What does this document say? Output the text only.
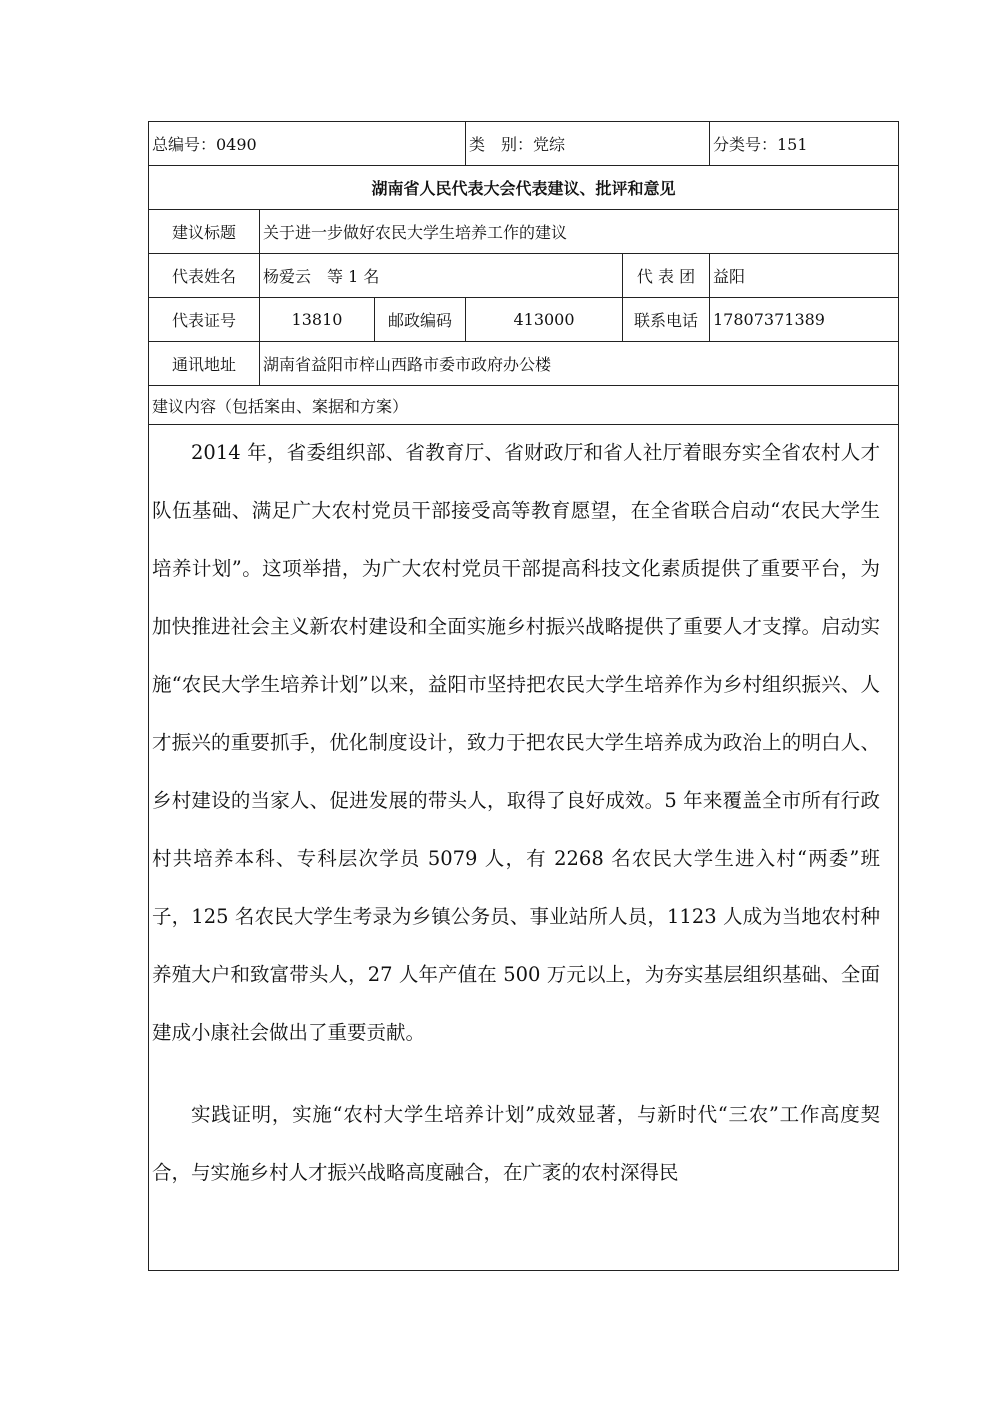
总编号：0490	类　别：党综	分类号：151
湖南省人民代表大会代表建议、批评和意见
建议标题	关于进一步做好农民大学生培养工作的建议
代表姓名	杨爱云　等 1 名	代 表 团	益阳
代表证号	13810	邮政编码	413000	联系电话 17807371389
通讯地址	湖南省益阳市梓山西路市委市政府办公楼
建议内容（包括案由、案据和方案）

2014 年，省委组织部、省教育厅、省财政厅和省人社厅着眼夯实全省农村人才队伍基础、满足广大农村党员干部接受高等教育愿望，在全省联合启动“农民大学生培养计划”。这项举措，为广大农村党员干部提高科技文化素质提供了重要平台，为加快推进社会主义新农村建设和全面实施乡村振兴战略提供了重要人才支撑。启动实施“农民大学生培养计划”以来，益阳市坚持把农民大学生培养作为乡村组织振兴、人才振兴的重要抓手，优化制度设计，致力于把农民大学生培养成为政治上的明白人、乡村建设的当家人、促进发展的带头人，取得了良好成效。5 年来覆盖全市所有行政村共培养本科、专科层次学员 5079 人，有 2268 名农民大学生进入村“两委”班子，125 名农民大学生考录为乡镇公务员、事业站所人员，1123 人成为当地农村种养殖大户和致富带头人，27 人年产值在 500 万元以上，为夯实基层组织基础、全面建成小康社会做出了重要贡献。

实践证明，实施“农村大学生培养计划”成效显著，与新时代“三农”工作高度契合，与实施乡村人才振兴战略高度融合，在广袤的农村深得民
